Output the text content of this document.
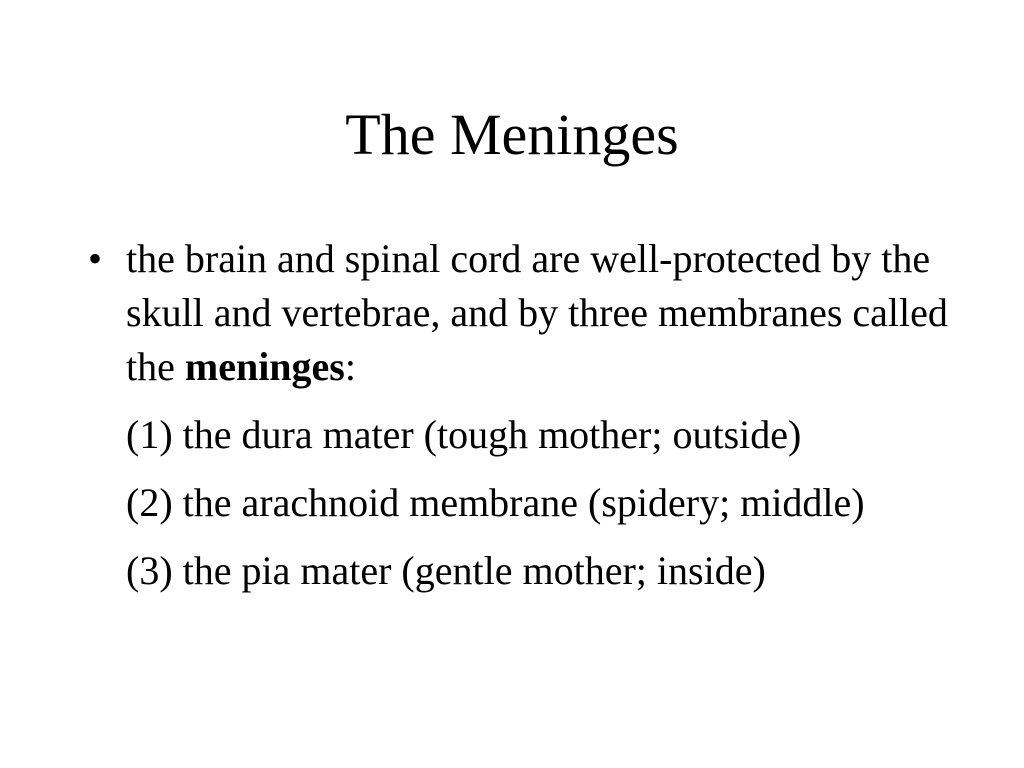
The Meninges
• the brain and spinal cord are well-protected by the skull and vertebrae, and by three membranes called the meninges:
(1) the dura mater (tough mother; outside)
(2) the arachnoid membrane (spidery; middle)
(3) the pia mater (gentle mother; inside)
